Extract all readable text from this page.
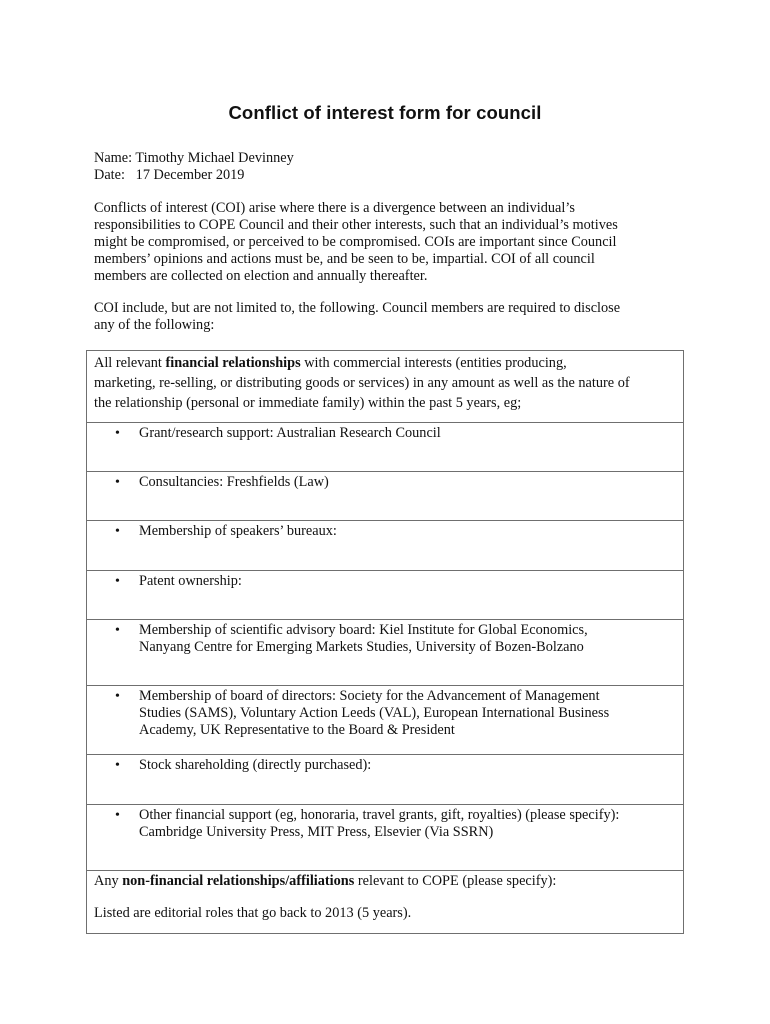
Conflict of interest form for council
Name: Timothy Michael Devinney
Date:   17 December 2019
Conflicts of interest (COI) arise where there is a divergence between an individual’s
responsibilities to COPE Council and their other interests, such that an individual’s motives
might be compromised, or perceived to be compromised. COIs are important since Council
members’ opinions and actions must be, and be seen to be, impartial. COI of all council
members are collected on election and annually thereafter.
COI include, but are not limited to, the following. Council members are required to disclose
any of the following:
All relevant financial relationships with commercial interests (entities producing,
marketing, re-selling, or distributing goods or services) in any amount as well as the nature of
the relationship (personal or immediate family) within the past 5 years, eg;
• Grant/research support: Australian Research Council
• Consultancies: Freshfields (Law)
• Membership of speakers’ bureaux:
• Patent ownership:
• Membership of scientific advisory board: Kiel Institute for Global Economics,
Nanyang Centre for Emerging Markets Studies, University of Bozen-Bolzano
• Membership of board of directors: Society for the Advancement of Management
Studies (SAMS), Voluntary Action Leeds (VAL), European International Business
Academy, UK Representative to the Board & President
• Stock shareholding (directly purchased):
• Other financial support (eg, honoraria, travel grants, gift, royalties) (please specify):
Cambridge University Press, MIT Press, Elsevier (Via SSRN)
Any non-financial relationships/affiliations relevant to COPE (please specify):
Listed are editorial roles that go back to 2013 (5 years).
